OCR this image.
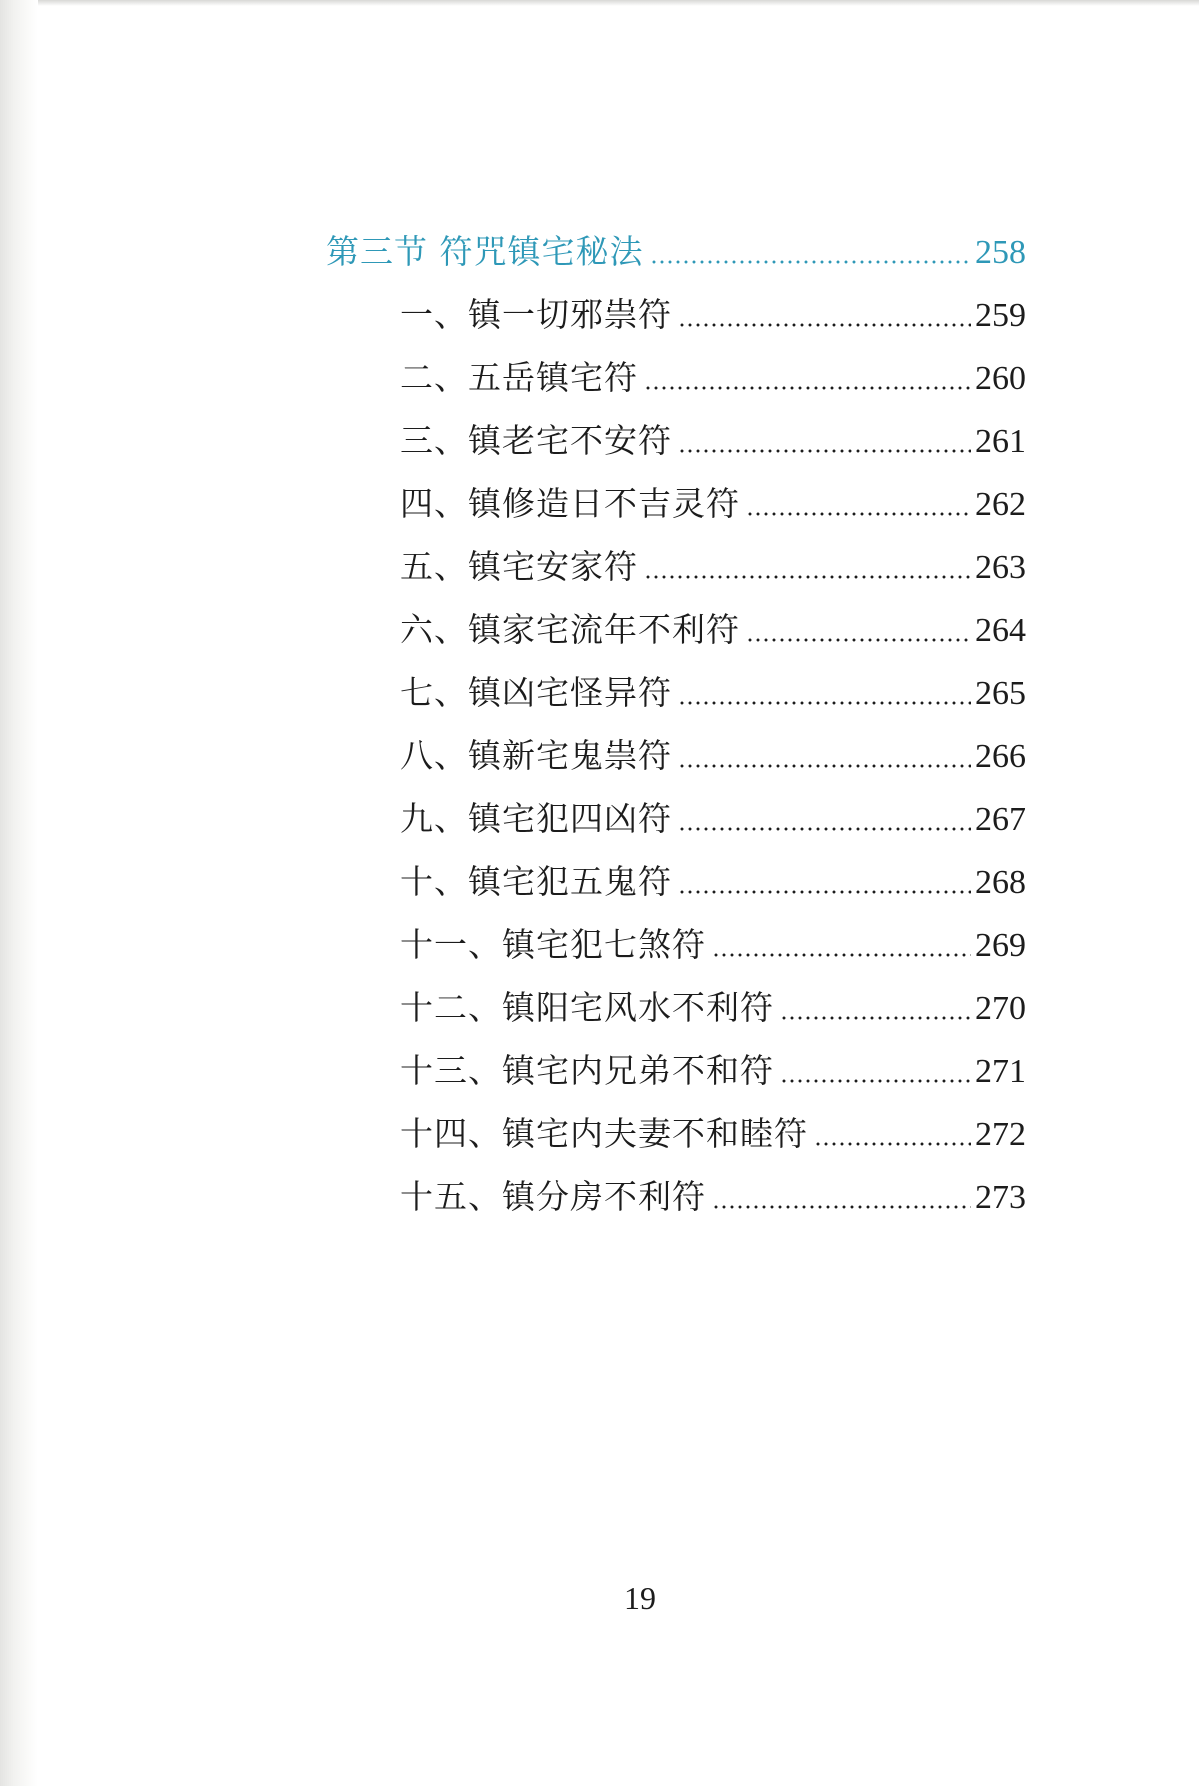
第三节 符咒镇宅秘法	258
一、镇一切邪祟符	259
二、五岳镇宅符	260
三、镇老宅不安符	261
四、镇修造日不吉灵符	262
五、镇宅安家符	263
六、镇家宅流年不利符	264
七、镇凶宅怪异符	265
八、镇新宅鬼祟符	266
九、镇宅犯四凶符	267
十、镇宅犯五鬼符	268
十一、镇宅犯七煞符	269
十二、镇阳宅风水不利符	270
十三、镇宅内兄弟不和符	271
十四、镇宅内夫妻不和睦符	272
十五、镇分房不利符	273
19
